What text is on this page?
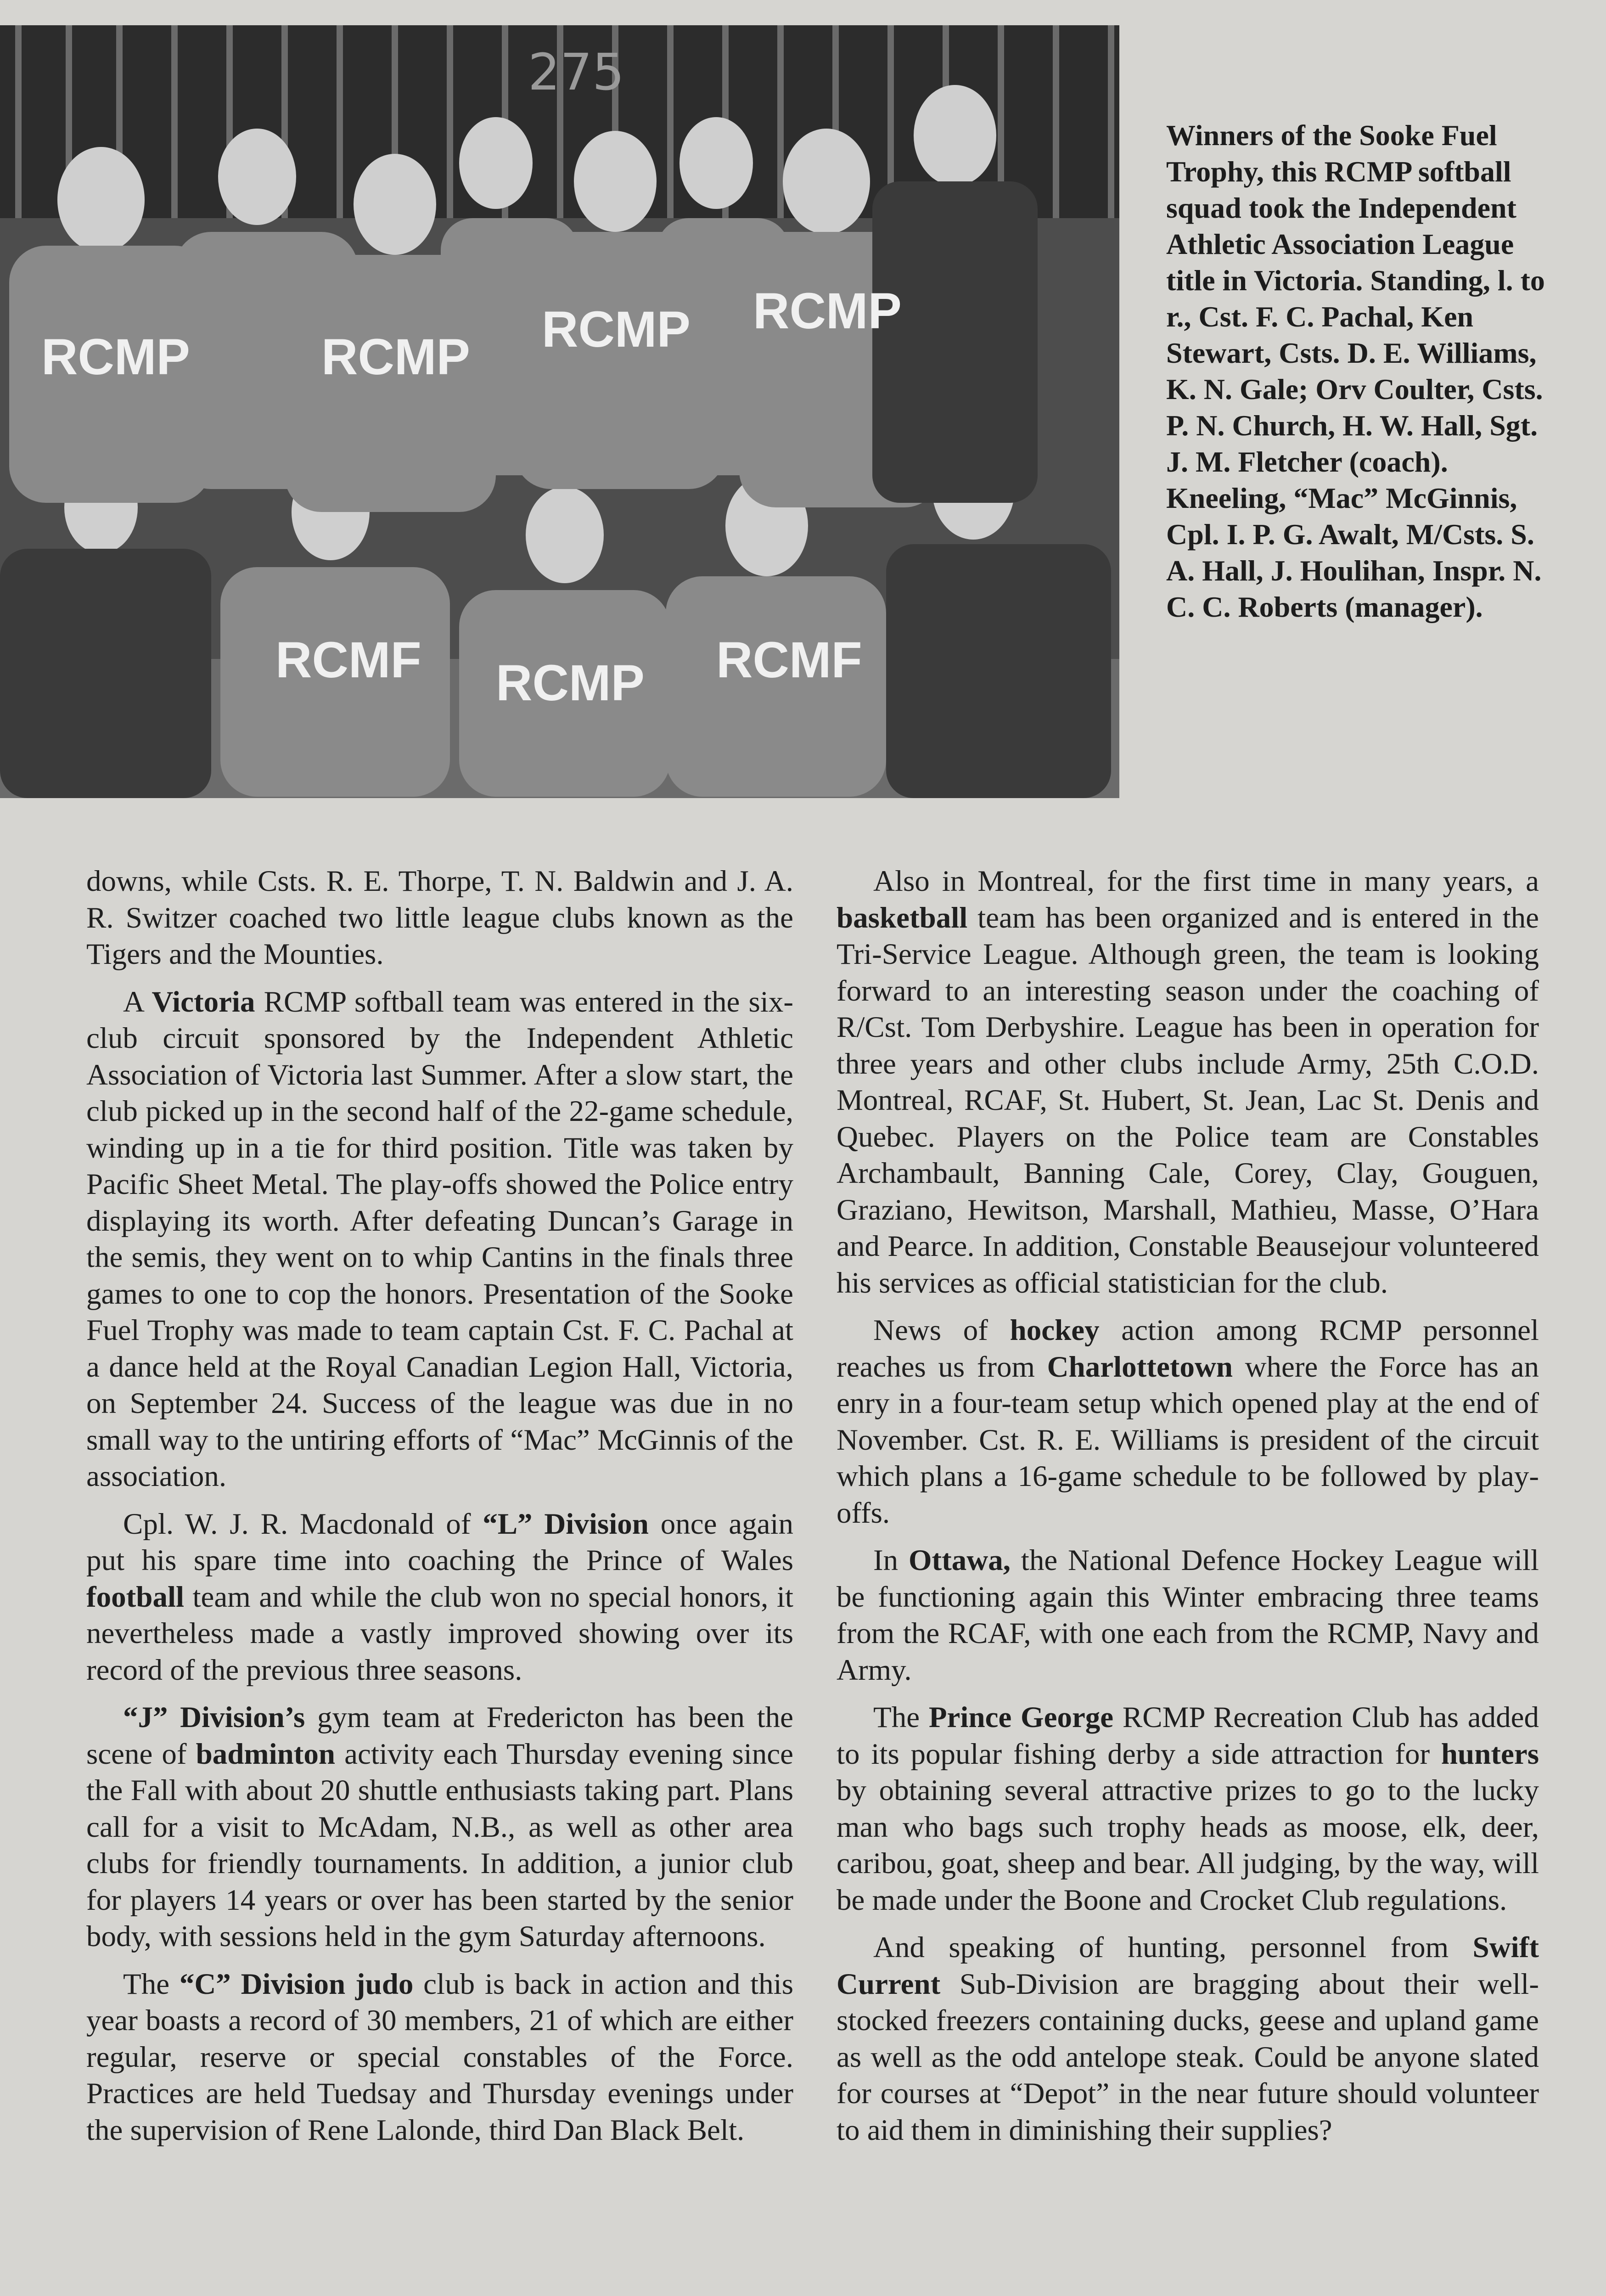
RCMP	RCMP RCMP RCMP
RCMF RCMP RCMF
275
Winners of the Sooke Fuel Trophy, this RCMP softball squad took the Independent Athletic Association League title in Victoria. Standing, l. to r., Cst. F. C. Pachal, Ken Stewart, Csts. D. E. Williams, K. N. Gale; Orv Coulter, Csts. P. N. Church, H. W. Hall, Sgt. J. M. Fletcher (coach). Kneeling, “Mac” McGinnis, Cpl. I. P. G. Awalt, M/Csts. S. A. Hall, J. Houlihan, Inspr. N. C. C. Roberts (manager).

downs, while Csts. R. E. Thorpe, T. N. Baldwin and J. A. R. Switzer coached two little league clubs known as the Tigers and the Mounties.

A Victoria RCMP softball team was entered in the six-club circuit sponsored by the Independent Athletic Association of Victoria last Summer. After a slow start, the club picked up in the second half of the 22-game schedule, winding up in a tie for third position. Title was taken by Pacific Sheet Metal. The play-offs showed the Police entry displaying its worth. After defeating Duncan’s Garage in the semis, they went on to whip Cantins in the finals three games to one to cop the honors. Presentation of the Sooke Fuel Trophy was made to team captain Cst. F. C. Pachal at a dance held at the Royal Canadian Legion Hall, Victoria, on September 24. Success of the league was due in no small way to the untiring efforts of “Mac” McGinnis of the association.

Cpl. W. J. R. Macdonald of “L” Division once again put his spare time into coaching the Prince of Wales football team and while the club won no special honors, it nevertheless made a vastly improved showing over its record of the previous three seasons.

“J” Division’s gym team at Fredericton has been the scene of badminton activity each Thursday evening since the Fall with about 20 shuttle enthusiasts taking part. Plans call for a visit to McAdam, N.B., as well as other area clubs for friendly tournaments. In addition, a junior club for players 14 years or over has been started by the senior body, with sessions held in the gym Saturday afternoons.

The “C” Division judo club is back in action and this year boasts a record of 30 members, 21 of which are either regular, reserve or special constables of the Force. Practices are held Tuedsay and Thursday evenings under the supervision of Rene Lalonde, third Dan Black Belt.

Also in Montreal, for the first time in many years, a basketball team has been organized and is entered in the Tri-Service League. Although green, the team is looking forward to an interesting season under the coaching of R/Cst. Tom Derbyshire. League has been in operation for three years and other clubs include Army, 25th C.O.D. Montreal, RCAF, St. Hubert, St. Jean, Lac St. Denis and Quebec. Players on the Police team are Constables Archambault, Banning Cale, Corey, Clay, Gouguen, Graziano, Hewitson, Marshall, Mathieu, Masse, O’Hara and Pearce. In addition, Constable Beausejour volunteered his services as official statistician for the club.

News of hockey action among RCMP personnel reaches us from Charlottetown where the Force has an enry in a four-team setup which opened play at the end of November. Cst. R. E. Williams is president of the circuit which plans a 16-game schedule to be followed by play-offs.

In Ottawa, the National Defence Hockey League will be functioning again this Winter embracing three teams from the RCAF, with one each from the RCMP, Navy and Army.

The Prince George RCMP Recreation Club has added to its popular fishing derby a side attraction for hunters by obtaining several attractive prizes to go to the lucky man who bags such trophy heads as moose, elk, deer, caribou, goat, sheep and bear. All judging, by the way, will be made under the Boone and Crocket Club regulations.

And speaking of hunting, personnel from Swift Current Sub-Division are bragging about their well-stocked freezers containing ducks, geese and upland game as well as the odd antelope steak. Could be anyone slated for courses at “Depot” in the near future should volunteer to aid them in diminishing their supplies?
